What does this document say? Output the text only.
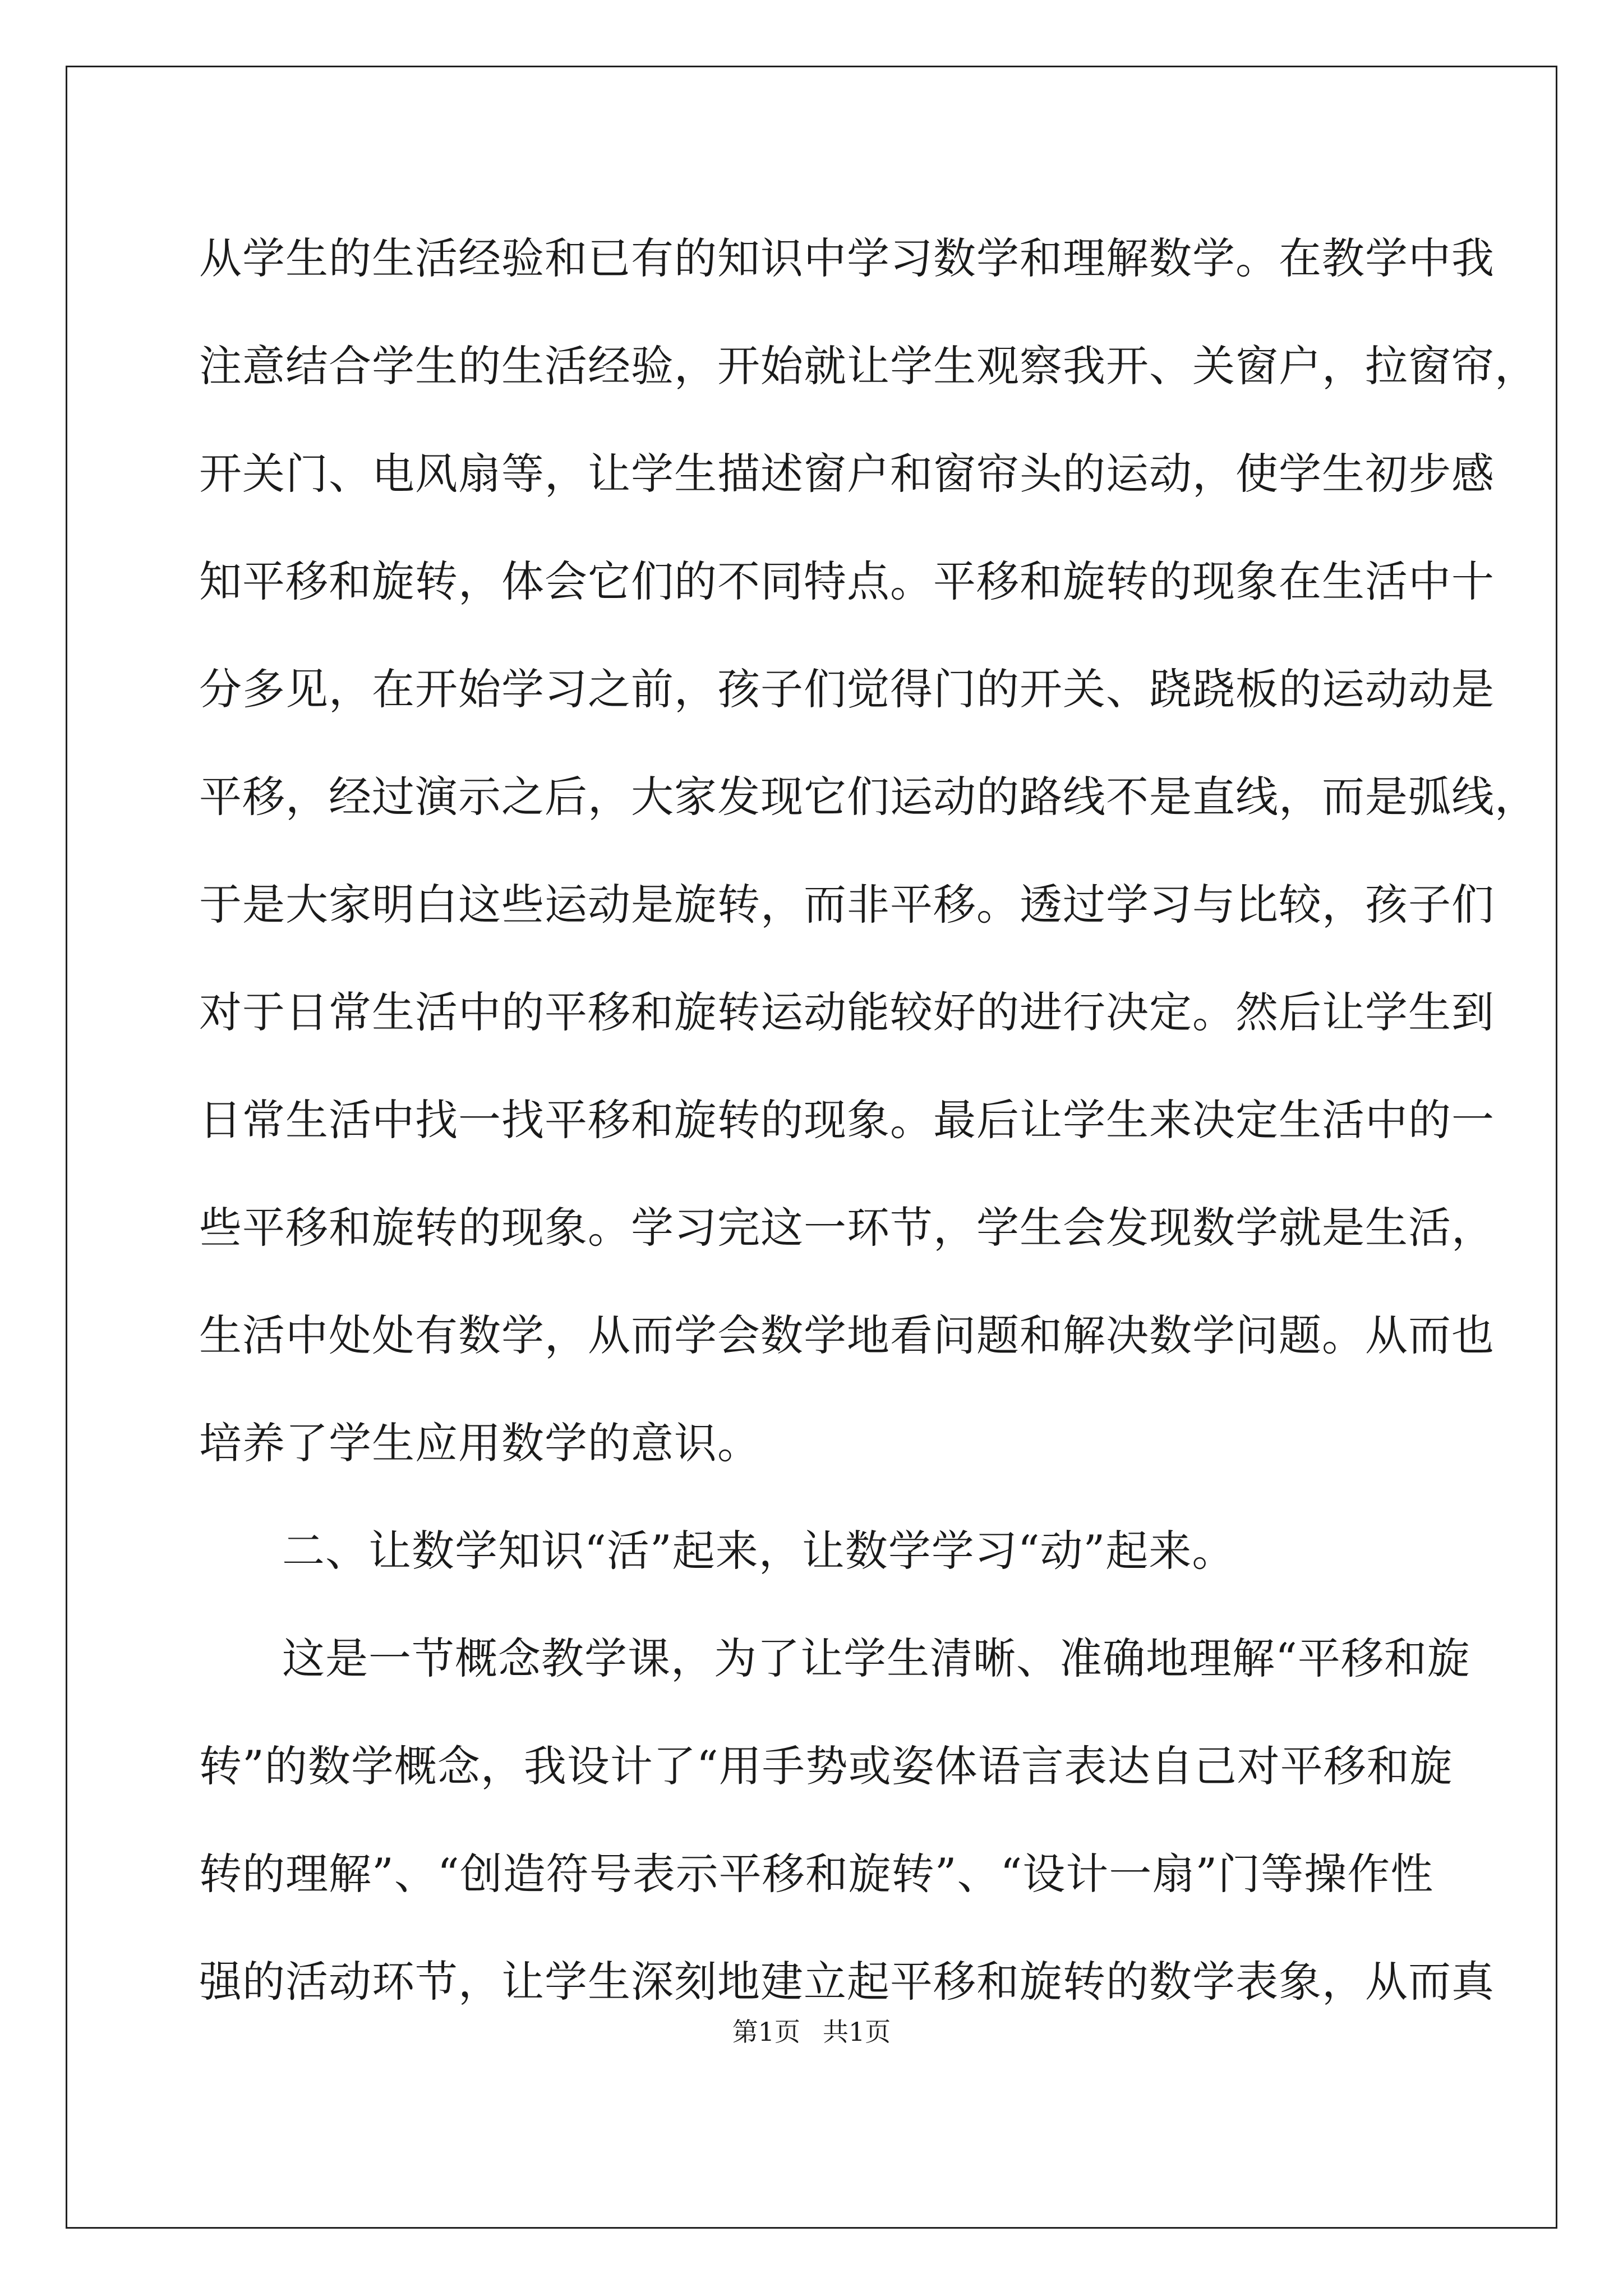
从学生的生活经验和已有的知识中学习数学和理解数学。在教学中我
注意结合学生的生活经验，开始就让学生观察我开、关窗户，拉窗帘，
开关门、电风扇等，让学生描述窗户和窗帘头的运动，使学生初步感
知平移和旋转，体会它们的不同特点。平移和旋转的现象在生活中十
分多见，在开始学习之前，孩子们觉得门的开关、跷跷板的运动动是
平移，经过演示之后，大家发现它们运动的路线不是直线，而是弧线，
于是大家明白这些运动是旋转，而非平移。透过学习与比较，孩子们
对于日常生活中的平移和旋转运动能较好的进行决定。然后让学生到
日常生活中找一找平移和旋转的现象。最后让学生来决定生活中的一
些平移和旋转的现象。学习完这一环节，学生会发现数学就是生活，
生活中处处有数学，从而学会数学地看问题和解决数学问题。从而也
培养了学生应用数学的意识。
二、让数学知识“活”起来，让数学学习“动”起来。
这是一节概念教学课，为了让学生清晰、准确地理解“平移和旋
转”的数学概念，我设计了“用手势或姿体语言表达自己对平移和旋
转的理解”、“创造符号表示平移和旋转”、“设计一扇”门等操作性
强的活动环节，让学生深刻地建立起平移和旋转的数学表象，从而真
第1页 共1页
